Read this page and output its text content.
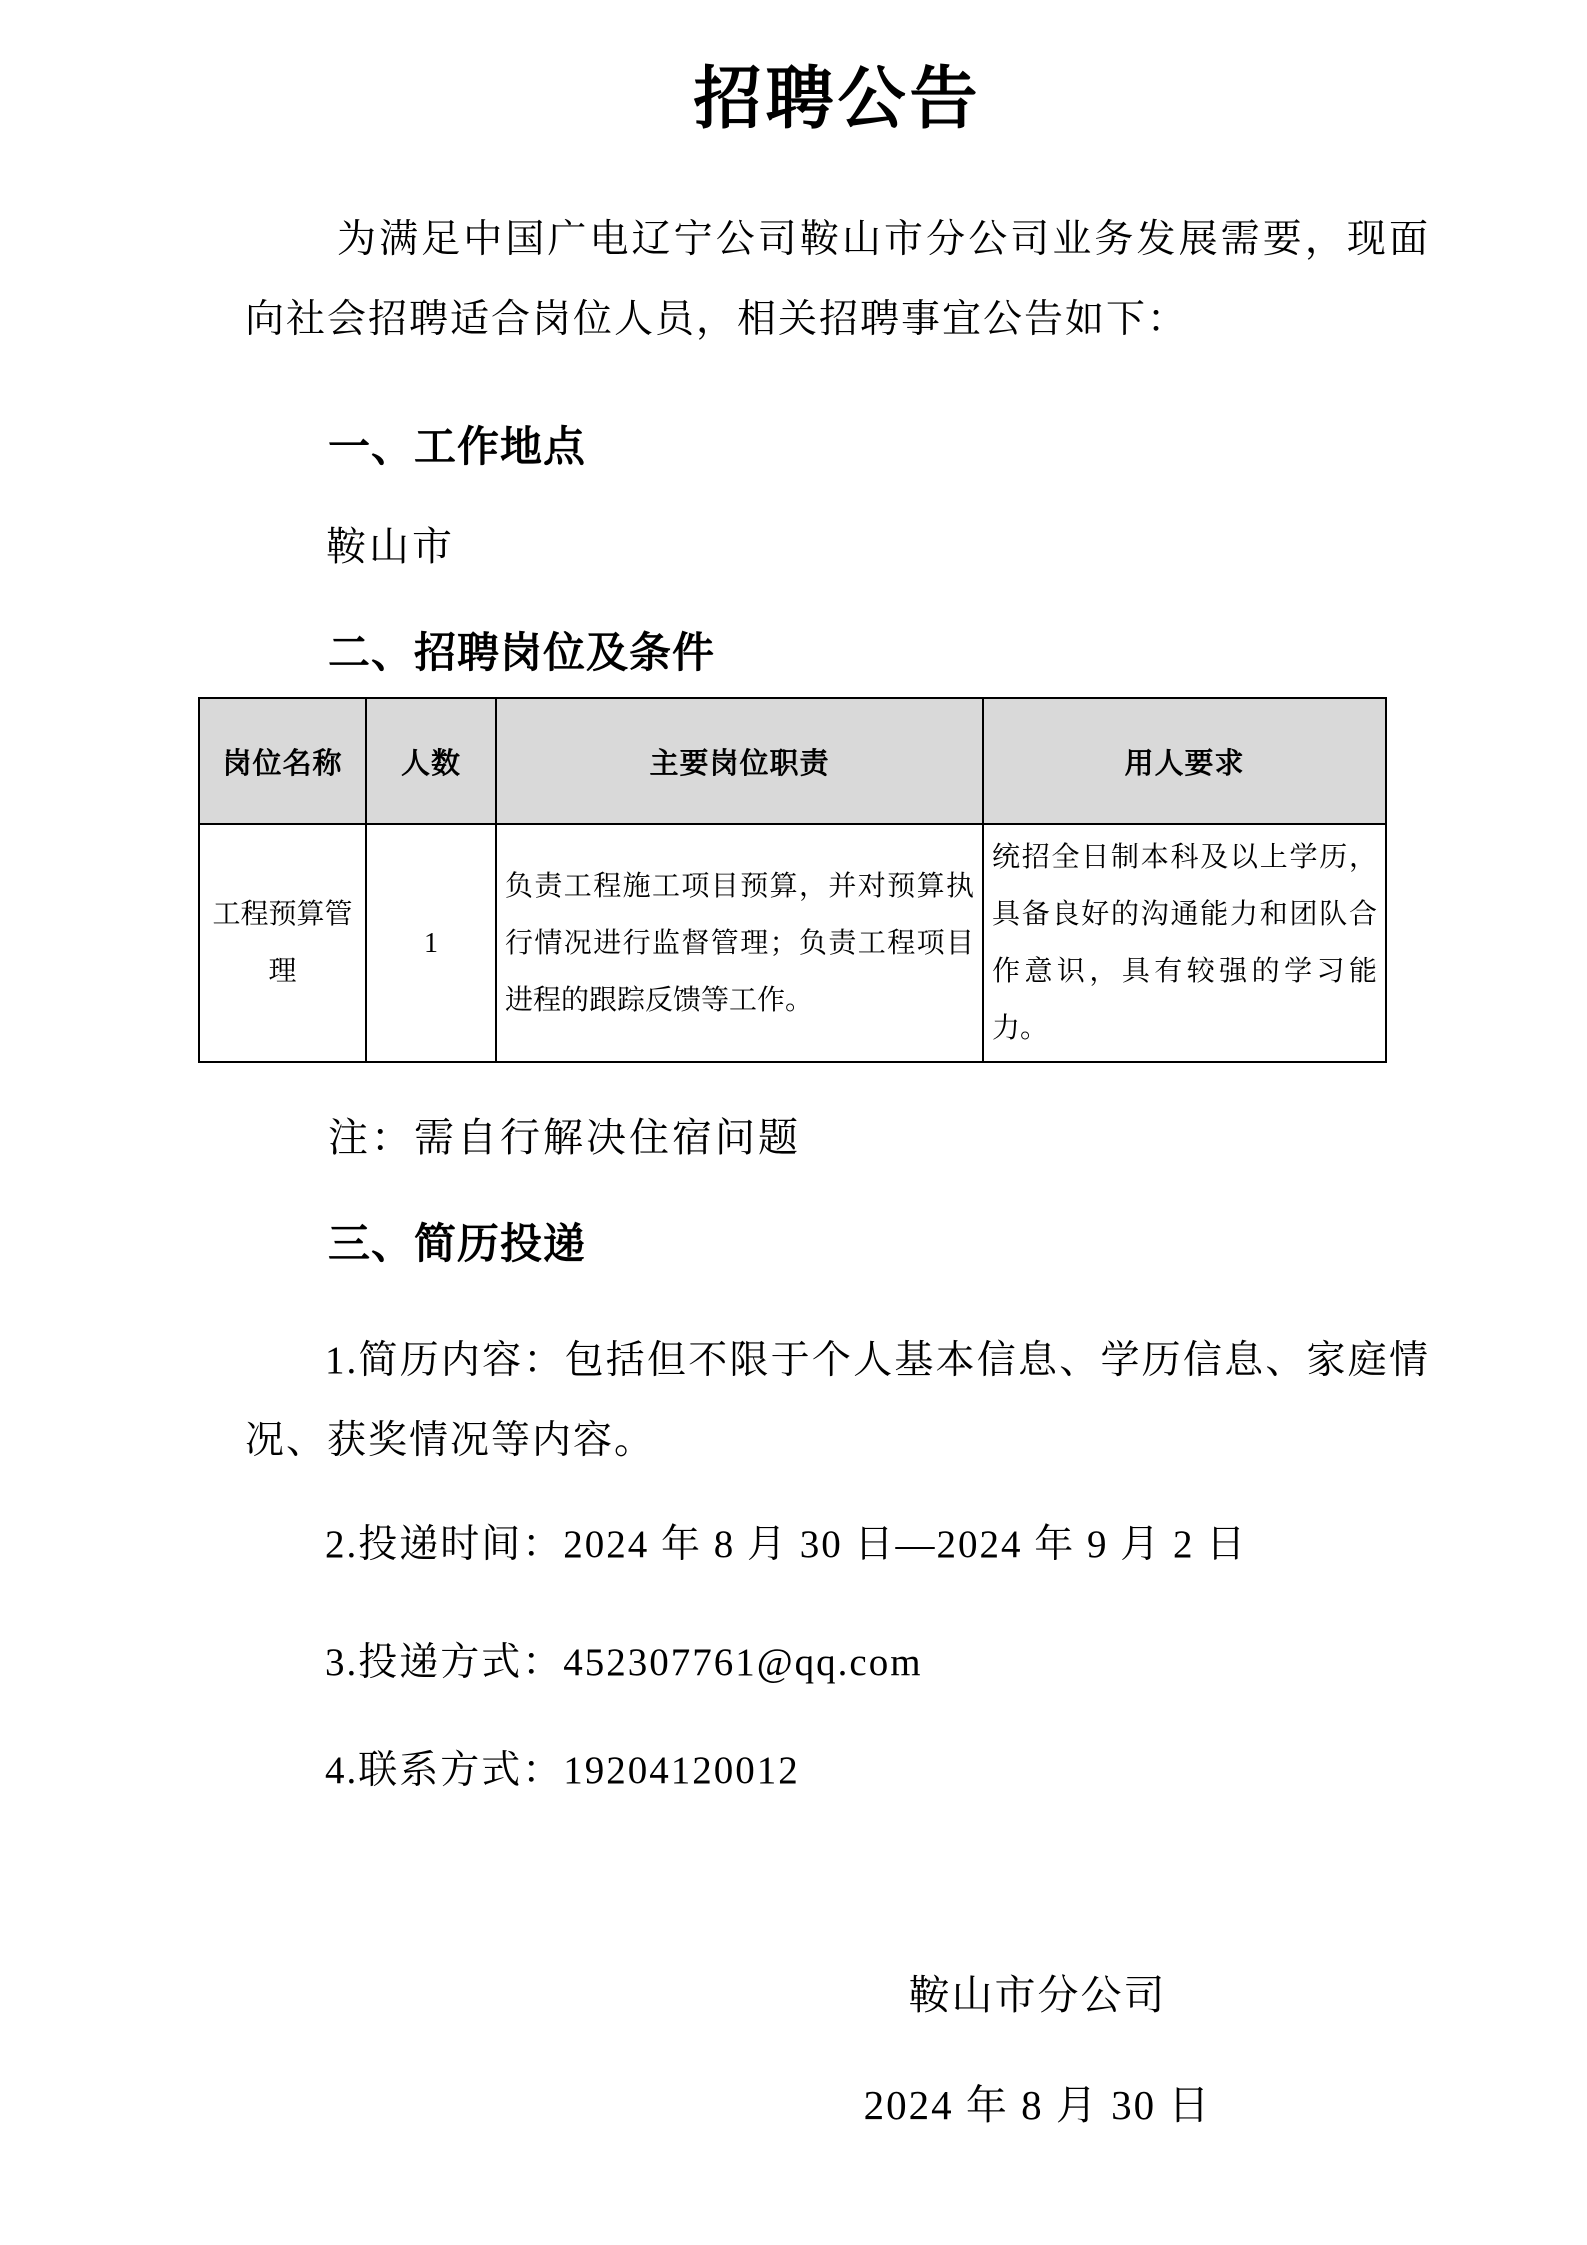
招聘公告

为满足中国广电辽宁公司鞍山市分公司业务发展需要，现面向社会招聘适合岗位人员，相关招聘事宜公告如下：

一、工作地点

鞍山市

二、招聘岗位及条件
岗位名称	人数	主要岗位职责	用人要求
工程预算管理	1	负责工程施工项目预算，并对预算执行情况进行监督管理；负责工程项目进程的跟踪反馈等工作。	统招全日制本科及以上学历，具备良好的沟通能力和团队合作意识，具有较强的学习能力。

注：需自行解决住宿问题

三、简历投递

1.简历内容：包括但不限于个人基本信息、学历信息、家庭情况、获奖情况等内容。

2.投递时间：2024 年 8 月 30 日—2024 年 9 月 2 日

3.投递方式：452307761@qq.com

4.联系方式：19204120012

鞍山市分公司

2024 年 8 月 30 日
